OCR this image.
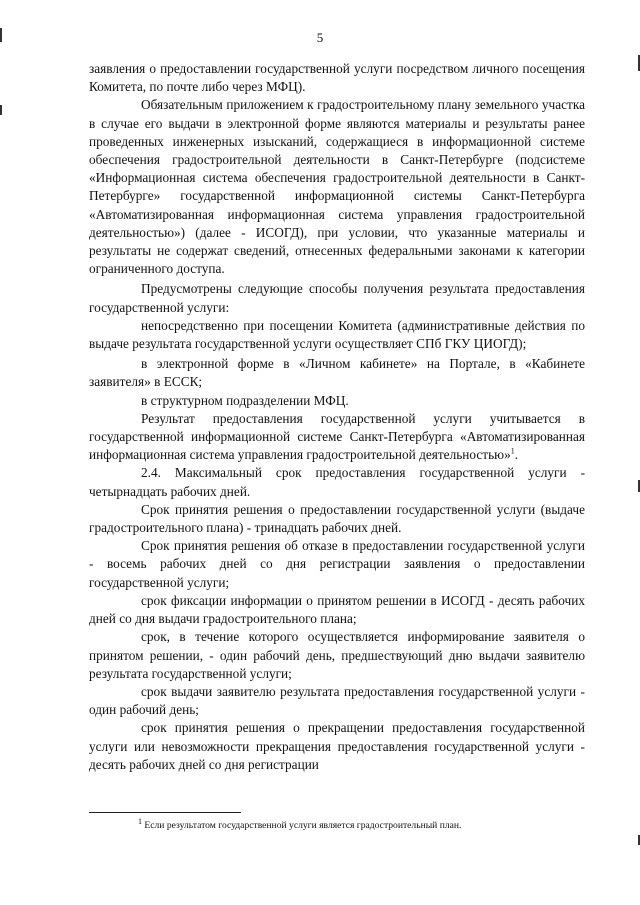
5

заявления о предоставлении государственной услуги посредством личного посещения Комитета, по почте либо через МФЦ).

Обязательным приложением к градостроительному плану земельного участка в случае его выдачи в электронной форме являются материалы и результаты ранее проведенных инженерных изысканий, содержащиеся в информационной системе обеспечения градостроительной деятельности в Санкт-Петербурге (подсистеме «Информационная система обеспечения градостроительной деятельности в Санкт-Петербурге» государственной информационной системы Санкт-Петербурга «Автоматизированная информационная система управления градостроительной деятельностью») (далее - ИСОГД), при условии, что указанные материалы и результаты не содержат сведений, отнесенных федеральными законами к категории ограниченного доступа.

Предусмотрены следующие способы получения результата предоставления государственной услуги:

непосредственно при посещении Комитета (административные действия по выдаче результата государственной услуги осуществляет СПб ГКУ ЦИОГД);

в электронной форме в «Личном кабинете» на Портале, в «Кабинете заявителя» в ЕССК;

в структурном подразделении МФЦ.

Результат предоставления государственной услуги учитывается в государственной информационной системе Санкт-Петербурга «Автоматизированная информационная система управления градостроительной деятельностью»$^1$.

2.4. Максимальный срок предоставления государственной услуги - четырнадцать рабочих дней.

Срок принятия решения о предоставлении государственной услуги (выдаче градостроительного плана) - тринадцать рабочих дней.

Срок принятия решения об отказе в предоставлении государственной услуги - восемь рабочих дней со дня регистрации заявления о предоставлении государственной услуги;

срок фиксации информации о принятом решении в ИСОГД - десять рабочих дней со дня выдачи градостроительного плана;

срок, в течение которого осуществляется информирование заявителя о принятом решении, - один рабочий день, предшествующий дню выдачи заявителю результата государственной услуги;

срок выдачи заявителю результата предоставления государственной услуги - один рабочий день;

срок принятия решения о прекращении предоставления государственной услуги или невозможности прекращения предоставления государственной услуги - десять рабочих дней со дня регистрации

$^1$ Если результатом государственной услуги является градостроительный план.
